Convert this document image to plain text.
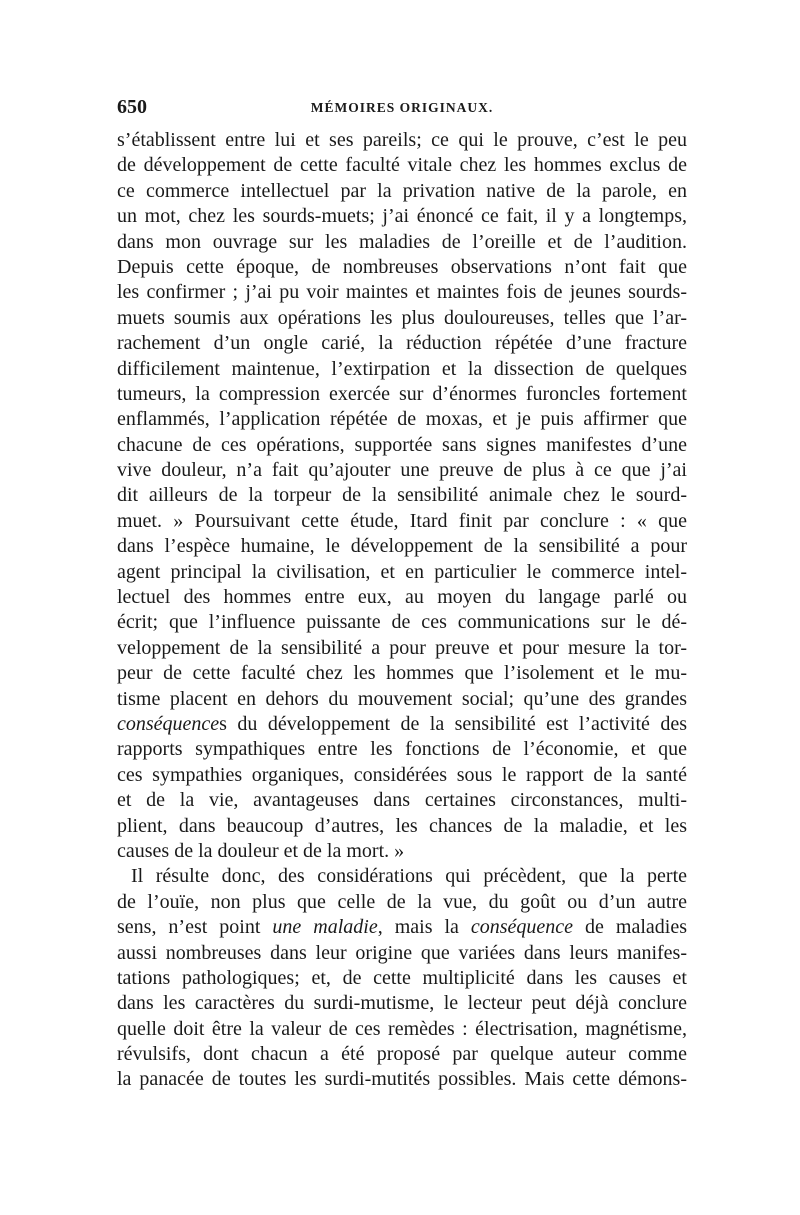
650	MÉMOIRES ORIGINAUX.
s’établissent entre lui et ses pareils; ce qui le prouve, c’est le peu
de développement de cette faculté vitale chez les hommes exclus de
ce commerce intellectuel par la privation native de la parole, en
un mot, chez les sourds-muets; j’ai énoncé ce fait, il y a longtemps,
dans mon ouvrage sur les maladies de l’oreille et de l’audition.
Depuis cette époque, de nombreuses observations n’ont fait que
les confirmer ; j’ai pu voir maintes et maintes fois de jeunes sourds-
muets soumis aux opérations les plus douloureuses, telles que l’ar-
rachement d’un ongle carié, la réduction répétée d’une fracture
difficilement maintenue, l’extirpation et la dissection de quelques
tumeurs, la compression exercée sur d’énormes furoncles fortement
enflammés, l’application répétée de moxas, et je puis affirmer que
chacune de ces opérations, supportée sans signes manifestes d’une
vive douleur, n’a fait qu’ajouter une preuve de plus à ce que j’ai
dit ailleurs de la torpeur de la sensibilité animale chez le sourd-
muet. » Poursuivant cette étude, Itard finit par conclure : « que
dans l’espèce humaine, le développement de la sensibilité a pour
agent principal la civilisation, et en particulier le commerce intel-
lectuel des hommes entre eux, au moyen du langage parlé ou
écrit; que l’influence puissante de ces communications sur le dé-
veloppement de la sensibilité a pour preuve et pour mesure la tor-
peur de cette faculté chez les hommes que l’isolement et le mu-
tisme placent en dehors du mouvement social; qu’une des grandes
conséquences du développement de la sensibilité est l’activité des
rapports sympathiques entre les fonctions de l’économie, et que
ces sympathies organiques, considérées sous le rapport de la santé
et de la vie, avantageuses dans certaines circonstances, multi-
plient, dans beaucoup d’autres, les chances de la maladie, et les
causes de la douleur et de la mort. »
Il résulte donc, des considérations qui précèdent, que la perte
de l’ouïe, non plus que celle de la vue, du goût ou d’un autre
sens, n’est point une maladie, mais la conséquence de maladies
aussi nombreuses dans leur origine que variées dans leurs manifes-
tations pathologiques; et, de cette multiplicité dans les causes et
dans les caractères du surdi-mutisme, le lecteur peut déjà conclure
quelle doit être la valeur de ces remèdes : électrisation, magnétisme,
révulsifs, dont chacun a été proposé par quelque auteur comme
la panacée de toutes les surdi-mutités possibles. Mais cette démons-
